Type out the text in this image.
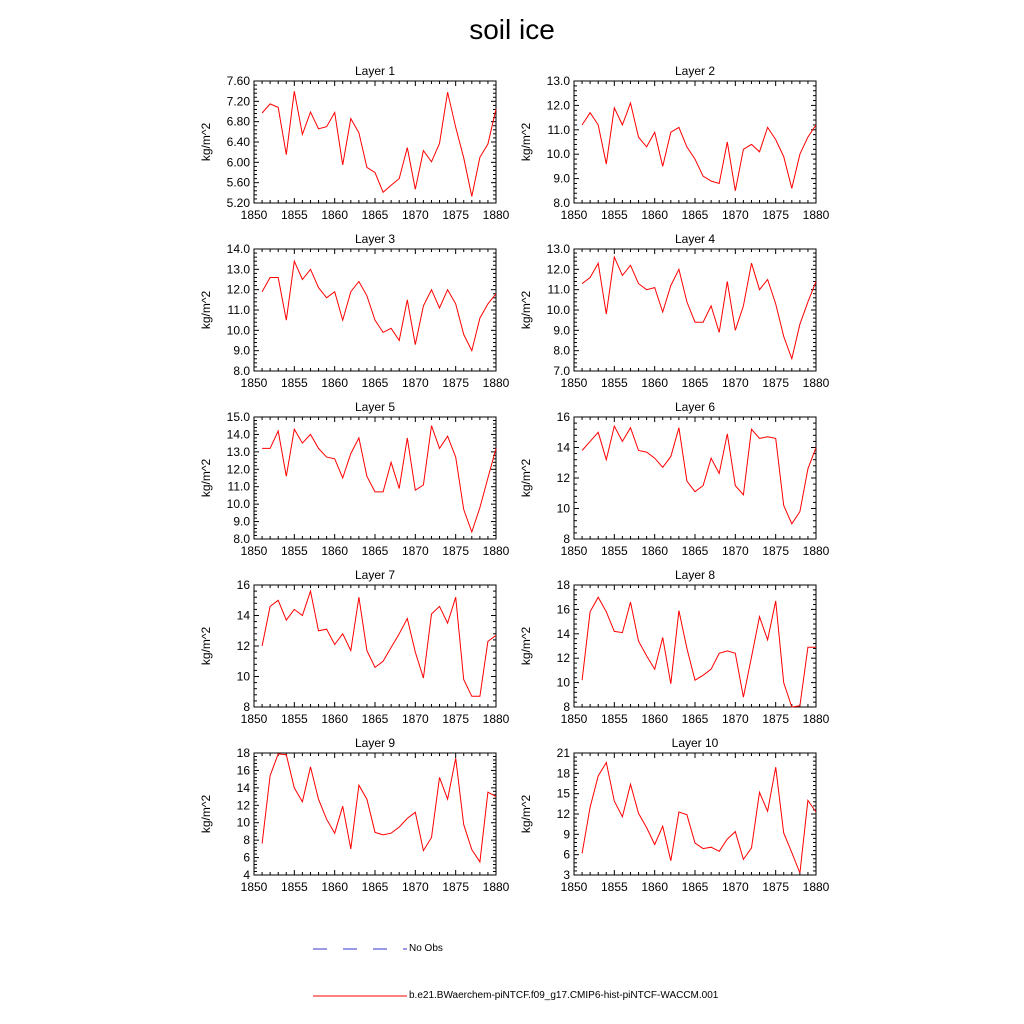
soil ice
Layer 1
kg/m^2
1850 1855 1860 1865 1870 1875 1880
5.20
5.60
6.00
6.40
6.80
7.20
7.60
Layer 2
kg/m^2
1850 1855 1860 1865 1870 1875 1880
8.0
9.0
10.0
11.0
12.0
13.0
Layer 3
kg/m^2
1850 1855 1860 1865 1870 1875 1880
8.0
9.0
10.0
11.0
12.0
13.0
14.0
Layer 4
kg/m^2
1850 1855 1860 1865 1870 1875 1880
7.0
8.0
9.0
10.0
11.0
12.0
13.0
Layer 5
kg/m^2
1850 1855 1860 1865 1870 1875 1880
8.0
9.0
10.0
11.0
12.0
13.0
14.0
15.0
Layer 6
kg/m^2
1850 1855 1860 1865 1870 1875 1880
8
10
12
14
16
Layer 7
kg/m^2
1850 1855 1860 1865 1870 1875 1880
8
10
12
14
16
Layer 8
kg/m^2
1850 1855 1860 1865 1870 1875 1880
8
10
12
14
16
18
Layer 9
kg/m^2
1850 1855 1860 1865 1870 1875 1880
4
6
8
10
12
14
16
18
Layer 10
kg/m^2
1850 1855 1860 1865 1870 1875 1880
3
6
9
12
15
18
21
No Obs
b.e21.BWaerchem-piNTCF.f09_g17.CMIP6-hist-piNTCF-WACCM.001
